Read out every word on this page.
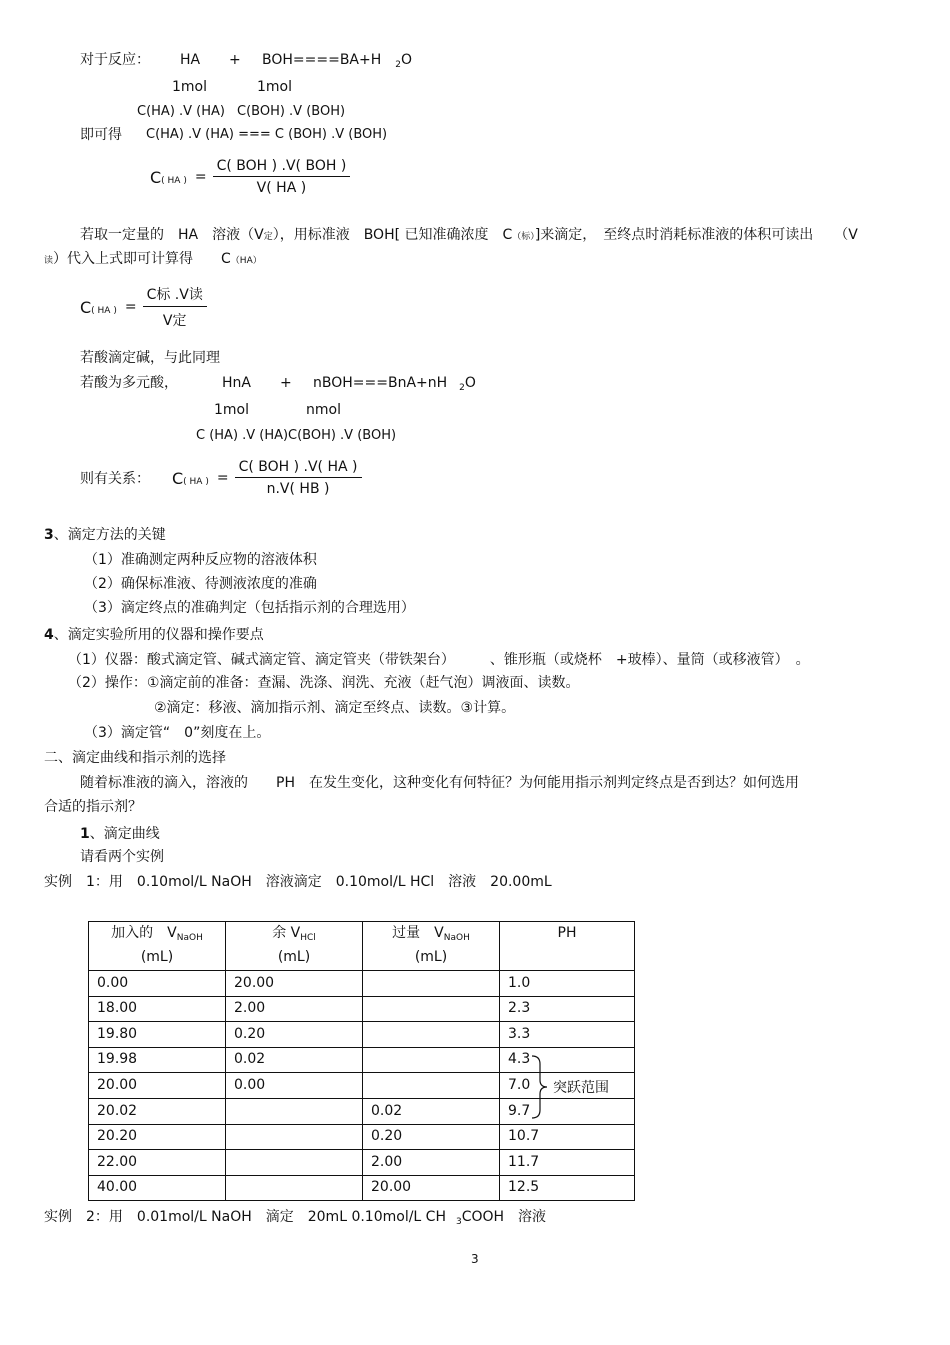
对于反应： HA + BOH====BA+H $_2$O
1mol	1mol
C(HA) .V (HA) C(BOH) .V (BOH)
即可得 C(HA) .V (HA) === C (BOH) .V (BOH)
C ( HA ) = $\frac{\text{C( BOH ) .V( BOH )}}{V( HA )}$
若取一定量的　HA　溶液（V定），用标准液　BOH[ 已知准确浓度　C（标）]来滴定，　至终点时消耗标准液的体积可读出　　（V
读）代入上式即可计算得　　C（HA）
C ( HA ) = $\frac{\text{C标 .V读}}{\text{V定}}$
若酸滴定碱，与此同理
若酸为多元酸，	HnA + nBOH===BnA+nH $_2$O
1mol	nmol
C (HA) .V (HA) C(BOH) .V (BOH)
则有关系： C ( HA ) = $\frac{\text{C( BOH ) .V( HA )}}{n.V( HB )}$
3、滴定方法的关键
（1）准确测定两种反应物的溶液体积
（2）确保标准液、待测液浓度的准确
（3）滴定终点的准确判定（包括指示剂的合理选用）
4、滴定实验所用的仪器和操作要点
（1）仪器：酸式滴定管、碱式滴定管、滴定管夹（带铁架台）　　　、锥形瓶（或烧杯　+玻棒）、量筒（或移液管）　。
（2）操作：①滴定前的准备：查漏、洗涤、润洗、充液（赶气泡）调液面、读数。
②滴定：移液、滴加指示剂、滴定至终点、读数。③计算。
（3）滴定管“　0”刻度在上。
二、滴定曲线和指示剂的选择
随着标准液的滴入，溶液的　　PH　在发生变化，这种变化有何特征？为何能用指示剂判定终点是否到达？如何选用
合适的指示剂？
1、滴定曲线
请看两个实例
实例　1：用　0.10mol/L NaOH　溶液滴定　0.10mol/L HCl　溶液　20.00mL
加入的　$V_{NaOH}$	余 $V_{HCl}$	过量　$V_{NaOH}$	PH
(mL)	(mL)	(mL)	
0.00	20.00		1.0
18.00	2.00		2.3
19.80	0.20		3.3
19.98	0.02		4.3
20.00	0.00		7.0
20.02		0.02	9.7
20.20		0.20	10.7
22.00		2.00	11.7
40.00		20.00	12.5
突跃范围
实例　2：用　0.01mol/L NaOH　滴定　20mL 0.10mol/L CH $_3$COOH　溶液
3
